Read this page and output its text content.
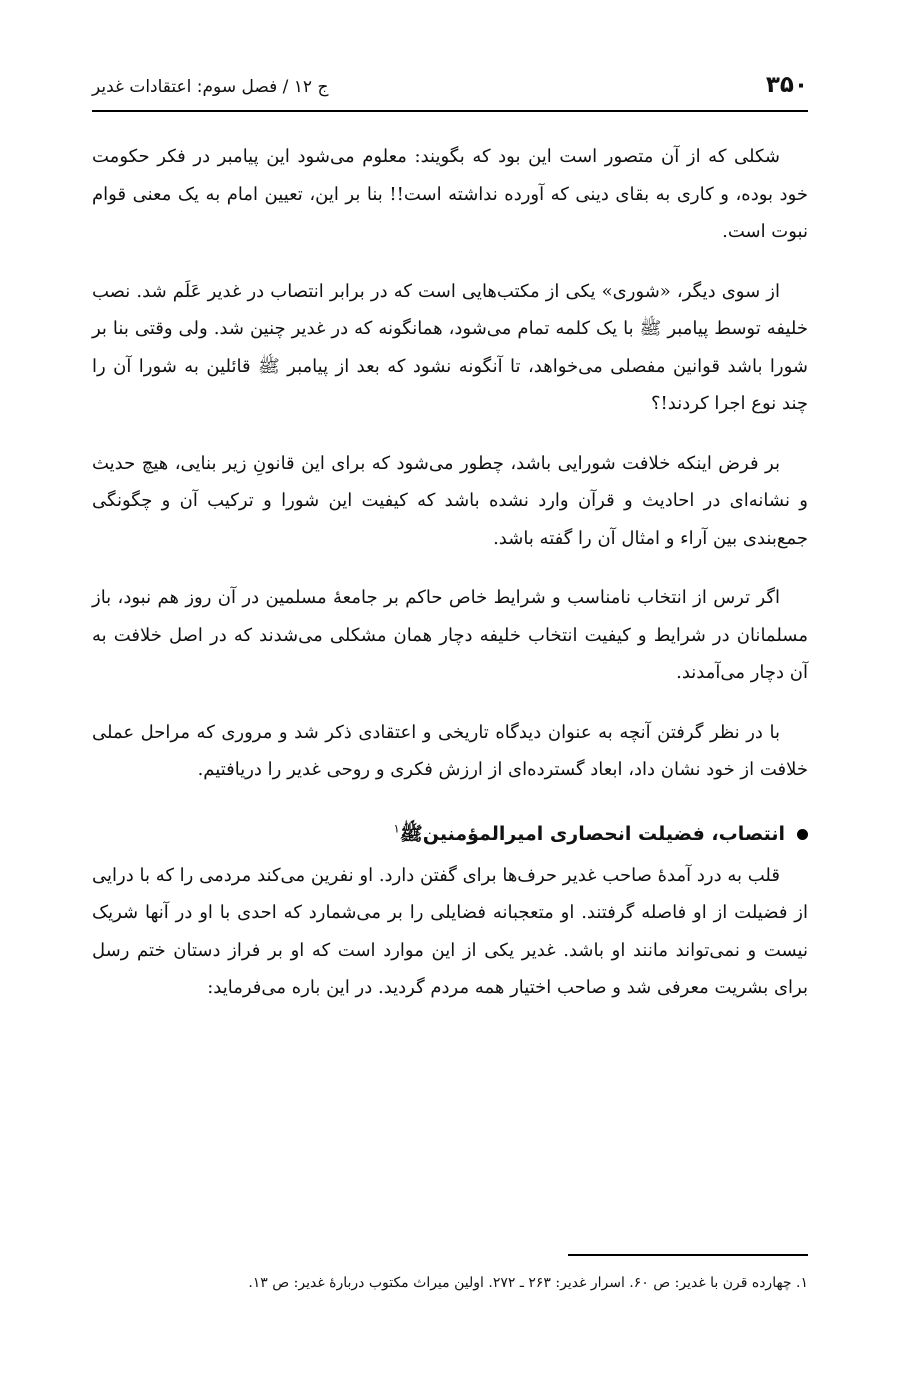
۳۵۰
ج ۱۲ / فصل سوم: اعتقادات غدیر

شکلی که از آن متصور است این بود که بگویند: معلوم می‌شود این پیامبر در فکر حکومت خود بوده، و کاری به بقای دینی که آورده نداشته است!! بنا بر این، تعیین امام به یک معنی قوام نبوت است.

از سوی دیگر، «شوری» یکی از مکتب‌هایی است که در برابر انتصاب در غدیر عَلَم شد. نصب خلیفه توسط پیامبر ﷺ با یک کلمه تمام می‌شود، همانگونه که در غدیر چنین شد. ولی وقتی بنا بر شورا باشد قوانین مفصلی می‌خواهد، تا آنگونه نشود که بعد از پیامبر ﷺ قائلین به شورا آن را چند نوع اجرا کردند!؟

بر فرض اینکه خلافت شورایی باشد، چطور می‌شود که برای این قانونِ زیر بنایی، هیچ حدیث و نشانه‌ای در احادیث و قرآن وارد نشده باشد که کیفیت این شورا و ترکیب آن و چگونگی جمع‌بندی بین آراء و امثال آن را گفته باشد.

اگر ترس از انتخاب نامناسب و شرایط خاص حاکم بر جامعهٔ مسلمین در آن روز هم نبود، باز مسلمانان در شرایط و کیفیت انتخاب خلیفه دچار همان مشکلی می‌شدند که در اصل خلافت به آن دچار می‌آمدند.

با در نظر گرفتن آنچه به عنوان دیدگاه تاریخی و اعتقادی ذکر شد و مروری که مراحل عملی خلافت از خود نشان داد، ابعاد گسترده‌ای از ارزش فکری و روحی غدیر را دریافتیم.

انتصاب، فضیلت انحصاری امیرالمؤمنینﷺ$^۱$

قلب به درد آمدهٔ صاحب غدیر حرف‌ها برای گفتن دارد. او نفرین می‌کند مردمی را که با درایی از فضیلت از او فاصله گرفتند. او متعجبانه فضایلی را بر می‌شمارد که احدی با او در آنها شریک نیست و نمی‌تواند مانند او باشد. غدیر یکی از این موارد است که او بر فراز دستان ختم رسل برای بشریت معرفی شد و صاحب اختیار همه مردم گردید. در این باره می‌فرماید:

۱. چهارده قرن با غدیر: ص ۶۰. اسرار غدیر: ۲۶۳ ـ ۲۷۲. اولین میراث مکتوب دربارهٔ غدیر: ص ۱۳.
